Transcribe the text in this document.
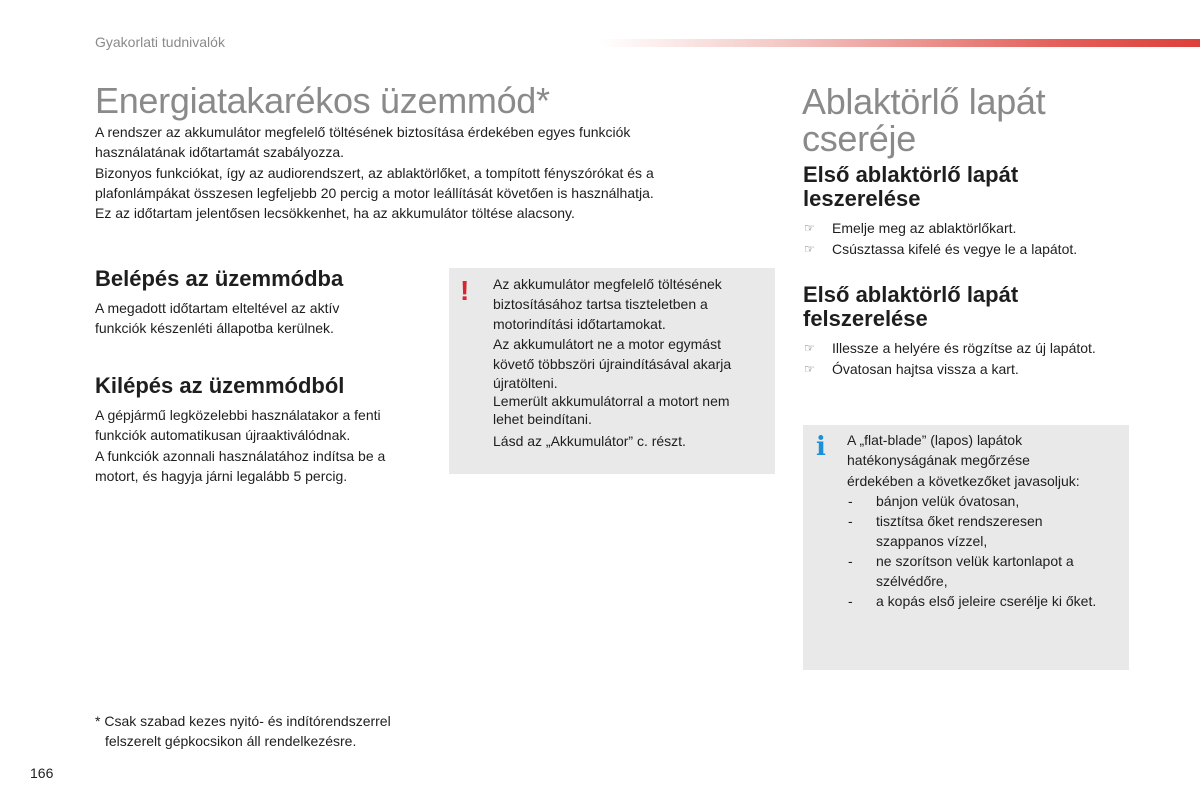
Gyakorlati tudnivalók
Energiatakarékos üzemmód*
A rendszer az akkumulátor megfelelő töltésének biztosítása érdekében egyes funkciók
használatának időtartamát szabályozza.
Bizonyos funkciókat, így az audiorendszert, az ablaktörlőket, a tompított fényszórókat és a
plafonlámpákat összesen legfeljebb 20 percig a motor leállítását követően is használhatja.
Ez az időtartam jelentősen lecsökkenhet, ha az akkumulátor töltése alacsony.
Belépés az üzemmódba
A megadott időtartam elteltével az aktív
funkciók készenléti állapotba kerülnek.
Kilépés az üzemmódból
A gépjármű legközelebbi használatakor a fenti
funkciók automatikusan újraaktiválódnak.
A funkciók azonnali használatához indítsa be a
motort, és hagyja járni legalább 5 percig.
* Csak szabad kezes nyitó- és indítórendszerrel
felszerelt gépkocsikon áll rendelkezésre.
! Az akkumulátor megfelelő töltésének
biztosításához tartsa tiszteletben a
motorindítási időtartamokat.
Az akkumulátort ne a motor egymást
követő többszöri újraindításával akarja
újratölteni.
Lemerült akkumulátorral a motort nem
lehet beindítani.
Lásd az „Akkumulátor” c. részt.
Ablaktörlő lapát
cseréje
Első ablaktörlő lapát
leszerelése
☞ Emelje meg az ablaktörlőkart.
☞ Csúsztassa kifelé és vegye le a lapátot.
Első ablaktörlő lapát
felszerelése
☞ Illessze a helyére és rögzítse az új lapátot.
☞ Óvatosan hajtsa vissza a kart.
i A „flat-blade” (lapos) lapátok
hatékonyságának megőrzése
érdekében a következőket javasoljuk:
- bánjon velük óvatosan,
- tisztítsa őket rendszeresen
szappanos vízzel,
- ne szorítson velük kartonlapot a
szélvédőre,
- a kopás első jeleire cserélje ki őket.
166
